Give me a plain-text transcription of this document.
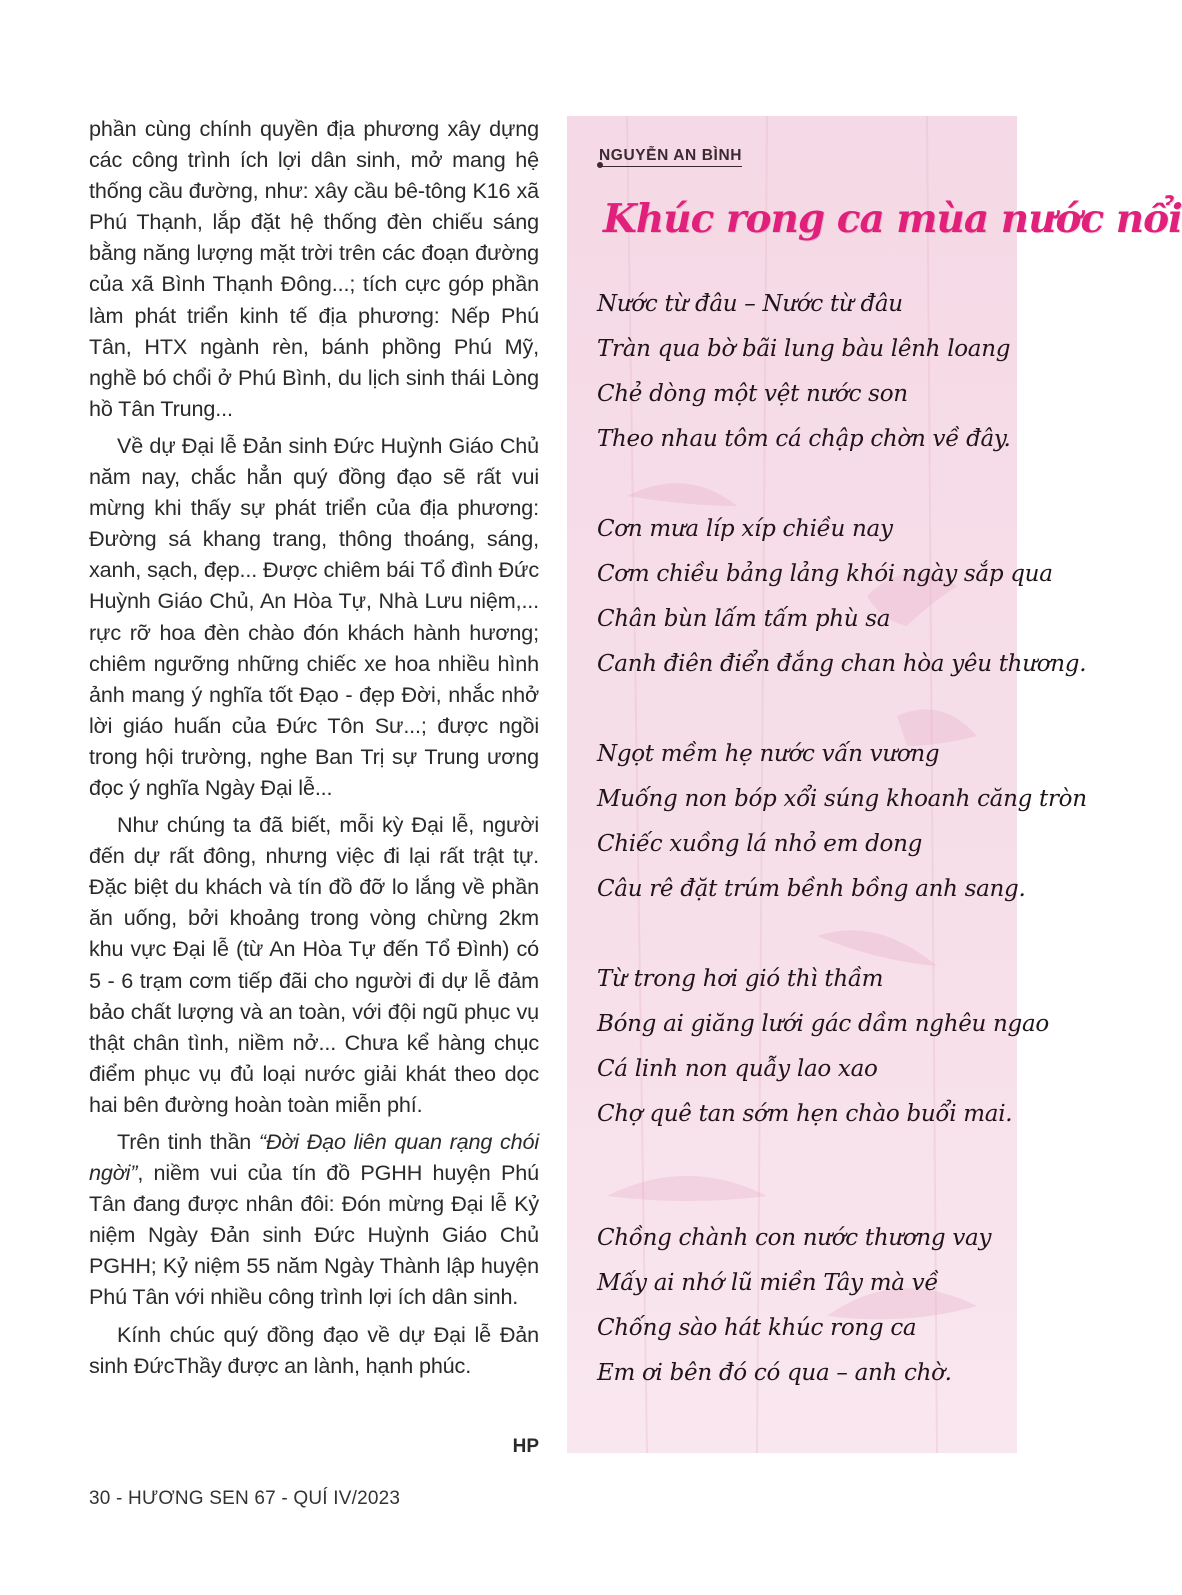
phần cùng chính quyền địa phương xây dựng các công trình ích lợi dân sinh, mở mang hệ thống cầu đường, như: xây cầu bê-tông K16 xã Phú Thạnh, lắp đặt hệ thống đèn chiếu sáng bằng năng lượng mặt trời trên các đoạn đường của xã Bình Thạnh Đông...; tích cực góp phần làm phát triển kinh tế địa phương: Nếp Phú Tân, HTX ngành rèn, bánh phồng Phú Mỹ, nghề bó chổi ở Phú Bình, du lịch sinh thái Lòng hồ Tân Trung...

Về dự Đại lễ Đản sinh Đức Huỳnh Giáo Chủ năm nay, chắc hẳn quý đồng đạo sẽ rất vui mừng khi thấy sự phát triển của địa phương: Đường sá khang trang, thông thoáng, sáng, xanh, sạch, đẹp... Được chiêm bái Tổ đình Đức Huỳnh Giáo Chủ, An Hòa Tự, Nhà Lưu niệm,... rực rỡ hoa đèn chào đón khách hành hương; chiêm ngưỡng những chiếc xe hoa nhiều hình ảnh mang ý nghĩa tốt Đạo - đẹp Đời, nhắc nhở lời giáo huấn của Đức Tôn Sư...; được ngồi trong hội trường, nghe Ban Trị sự Trung ương đọc ý nghĩa Ngày Đại lễ...

Như chúng ta đã biết, mỗi kỳ Đại lễ, người đến dự rất đông, nhưng việc đi lại rất trật tự. Đặc biệt du khách và tín đồ đỡ lo lắng về phần ăn uống, bởi khoảng trong vòng chừng 2km khu vực Đại lễ (từ An Hòa Tự đến Tổ Đình) có 5 - 6 trạm cơm tiếp đãi cho người đi dự lễ đảm bảo chất lượng và an toàn, với đội ngũ phục vụ thật chân tình, niềm nở... Chưa kể hàng chục điểm phục vụ đủ loại nước giải khát theo dọc hai bên đường hoàn toàn miễn phí.

Trên tinh thần “Đời Đạo liên quan rạng chói ngời”, niềm vui của tín đồ PGHH huyện Phú Tân đang được nhân đôi: Đón mừng Đại lễ Kỷ niệm Ngày Đản sinh Đức Huỳnh Giáo Chủ PGHH; Kỷ niệm 55 năm Ngày Thành lập huyện Phú Tân với nhiều công trình lợi ích dân sinh.

Kính chúc quý đồng đạo về dự Đại lễ Đản sinh ĐứcThầy được an lành, hạnh phúc.

HP
30 - HƯƠNG SEN 67 - QUÍ IV/2023
NGUYỄN AN BÌNH
Khúc rong ca mùa nước nổi
Nước từ đâu – Nước từ đâu
Tràn qua bờ bãi lung bàu lênh loang
Chẻ dòng một vệt nước son
Theo nhau tôm cá chập chờn về đây.
Cơn mưa líp xíp chiều nay
Cơm chiều bảng lảng khói ngày sắp qua
Chân bùn lấm tấm phù sa
Canh điên điển đắng chan hòa yêu thương.
Ngọt mềm hẹ nước vấn vương
Muống non bóp xổi súng khoanh căng tròn
Chiếc xuồng lá nhỏ em dong
Câu rê đặt trúm bềnh bồng anh sang.
Từ trong hơi gió thì thầm
Bóng ai giăng lưới gác dầm nghêu ngao
Cá linh non quẫy lao xao
Chợ quê tan sớm hẹn chào buổi mai.
Chồng chành con nước thương vay
Mấy ai nhớ lũ miền Tây mà về
Chống sào hát khúc rong ca
Em ơi bên đó có qua – anh chờ.
